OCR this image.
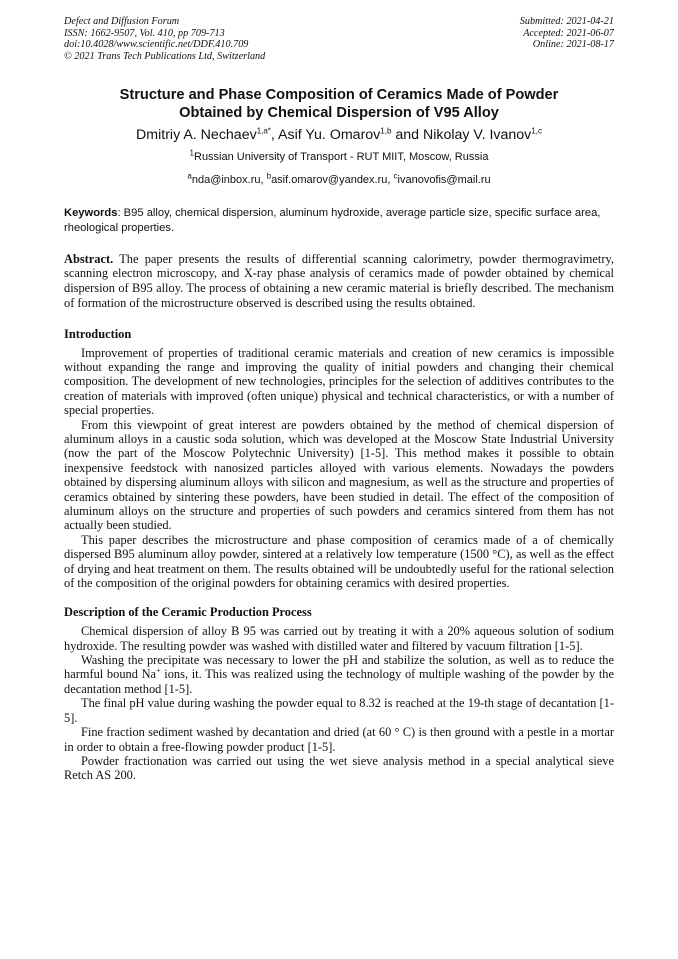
Defect and Diffusion Forum
ISSN: 1662-9507, Vol. 410, pp 709-713
doi:10.4028/www.scientific.net/DDF.410.709
© 2021 Trans Tech Publications Ltd, Switzerland
Submitted: 2021-04-21
Accepted: 2021-06-07
Online: 2021-08-17
Structure and Phase Composition of Ceramics Made of Powder
Obtained by Chemical Dispersion of V95 Alloy
Dmitriy A. Nechaev$^{1,a*}$, Asif Yu. Omarov$^{1,b}$ and Nikolay V. Ivanov$^{1,c}$
$^1$Russian University of Transport - RUT MIIT, Moscow, Russia
$^a$nda@inbox.ru, $^b$asif.omarov@yandex.ru, $^c$ivanovofis@mail.ru
Keywords: B95 alloy, chemical dispersion, aluminum hydroxide, average particle size, specific surface area, rheological properties.
Abstract. The paper presents the results of differential scanning calorimetry, powder thermogravimetry, scanning electron microscopy, and X-ray phase analysis of ceramics made of powder obtained by chemical dispersion of B95 alloy. The process of obtaining a new ceramic material is briefly described. The mechanism of formation of the microstructure observed is described using the results obtained.
Introduction

Improvement of properties of traditional ceramic materials and creation of new ceramics is impossible without expanding the range and improving the quality of initial powders and changing their chemical composition. The development of new technologies, principles for the selection of additives contributes to the creation of materials with improved (often unique) physical and technical characteristics, or with a number of special properties.

From this viewpoint of great interest are powders obtained by the method of chemical dispersion of aluminum alloys in a caustic soda solution, which was developed at the Moscow State Industrial University (now the part of the Moscow Polytechnic University) [1-5]. This method makes it possible to obtain inexpensive feedstock with nanosized particles alloyed with various elements. Nowadays the powders obtained by dispersing aluminum alloys with silicon and magnesium, as well as the structure and properties of ceramics obtained by sintering these powders, have been studied in detail. The effect of the composition of aluminum alloys on the structure and properties of such powders and ceramics sintered from them has not actually been studied.

This paper describes the microstructure and phase composition of ceramics made of a of chemically dispersed B95 aluminum alloy powder, sintered at a relatively low temperature (1500 °C), as well as the effect of drying and heat treatment on them. The results obtained will be undoubtedly useful for the rational selection of the composition of the original powders for obtaining ceramics with desired properties.

Description of the Ceramic Production Process

Chemical dispersion of alloy B 95 was carried out by treating it with a 20% aqueous solution of sodium hydroxide. The resulting powder was washed with distilled water and filtered by vacuum filtration [1-5].

Washing the precipitate was necessary to lower the pH and stabilize the solution, as well as to reduce the harmful bound Na+ ions, it. This was realized using the technology of multiple washing of the powder by the decantation method [1-5].

The final pH value during washing the powder equal to 8.32 is reached at the 19-th stage of decantation [1-5].

Fine fraction sediment washed by decantation and dried (at 60 ° C) is then ground with a pestle in a mortar in order to obtain a free-flowing powder product [1-5].

Powder fractionation was carried out using the wet sieve analysis method in a special analytical sieve Retch AS 200.
